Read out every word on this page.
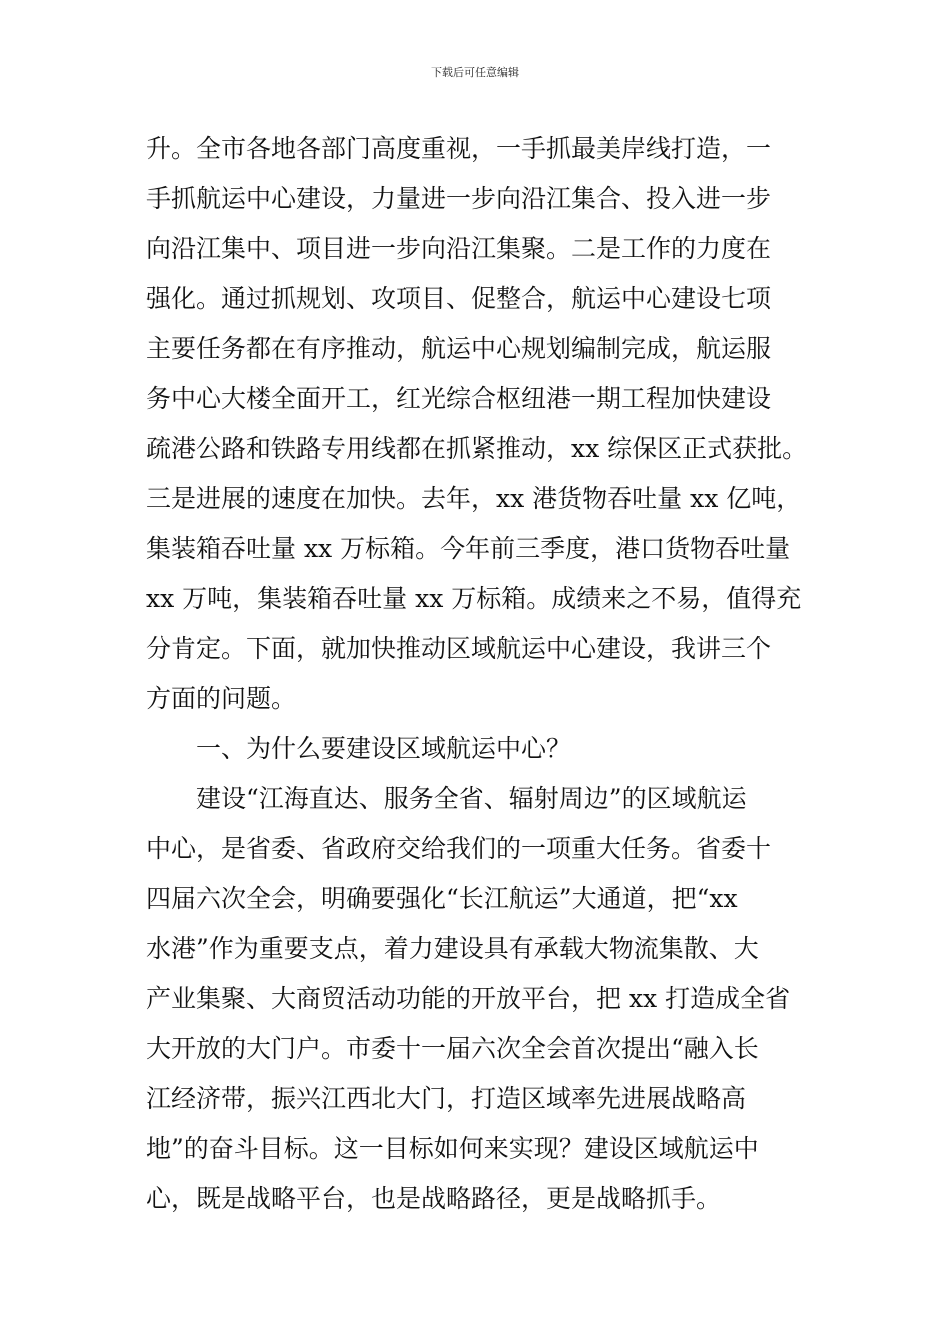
下载后可任意编辑
升。全市各地各部门高度重视，一手抓最美岸线打造，一
手抓航运中心建设，力量进一步向沿江集合、投入进一步
向沿江集中、项目进一步向沿江集聚。二是工作的力度在
强化。通过抓规划、攻项目、促整合，航运中心建设七项
主要任务都在有序推动，航运中心规划编制完成，航运服
务中心大楼全面开工，红光综合枢纽港一期工程加快建设
疏港公路和铁路专用线都在抓紧推动，xx 综保区正式获批。
三是进展的速度在加快。去年，xx 港货物吞吐量 xx 亿吨，
集装箱吞吐量 xx 万标箱。今年前三季度，港口货物吞吐量
xx 万吨，集装箱吞吐量 xx 万标箱。成绩来之不易，值得充
分肯定。下面，就加快推动区域航运中心建设，我讲三个
方面的问题。
一、为什么要建设区域航运中心？
建设“江海直达、服务全省、辐射周边”的区域航运
中心，是省委、省政府交给我们的一项重大任务。省委十
四届六次全会，明确要强化“长江航运”大通道，把“xx
水港”作为重要支点，着力建设具有承载大物流集散、大
产业集聚、大商贸活动功能的开放平台，把 xx 打造成全省
大开放的大门户。市委十一届六次全会首次提出“融入长
江经济带，振兴江西北大门，打造区域率先进展战略高
地”的奋斗目标。这一目标如何来实现？建设区域航运中
心，既是战略平台，也是战略路径，更是战略抓手。
